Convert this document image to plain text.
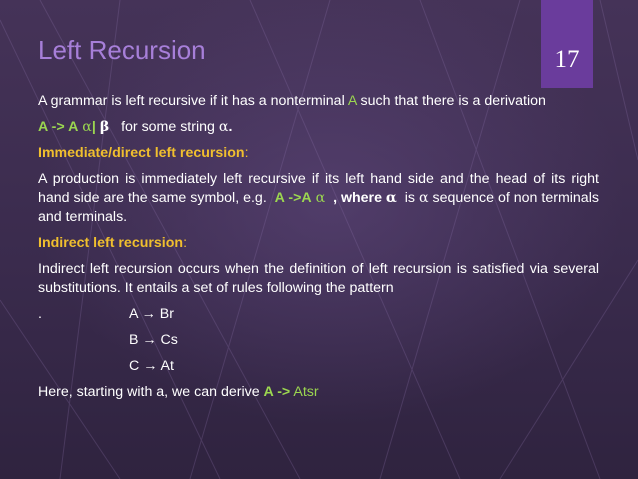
17
Left Recursion

A grammar is left recursive if it has a nonterminal A such that there is a derivation

A -> A α| β for some string α.

Immediate/direct left recursion:

A production is immediately left recursive if its left hand side and the head of its right hand side are the same symbol, e.g. A ->A α , where α is α sequence of non terminals and terminals.

Indirect left recursion:

Indirect left recursion occurs when the definition of left recursion is satisfied via several substitutions. It entails a set of rules following the pattern

.	A → Br

B → Cs

C → At

Here, starting with a, we can derive A -> Atsr
